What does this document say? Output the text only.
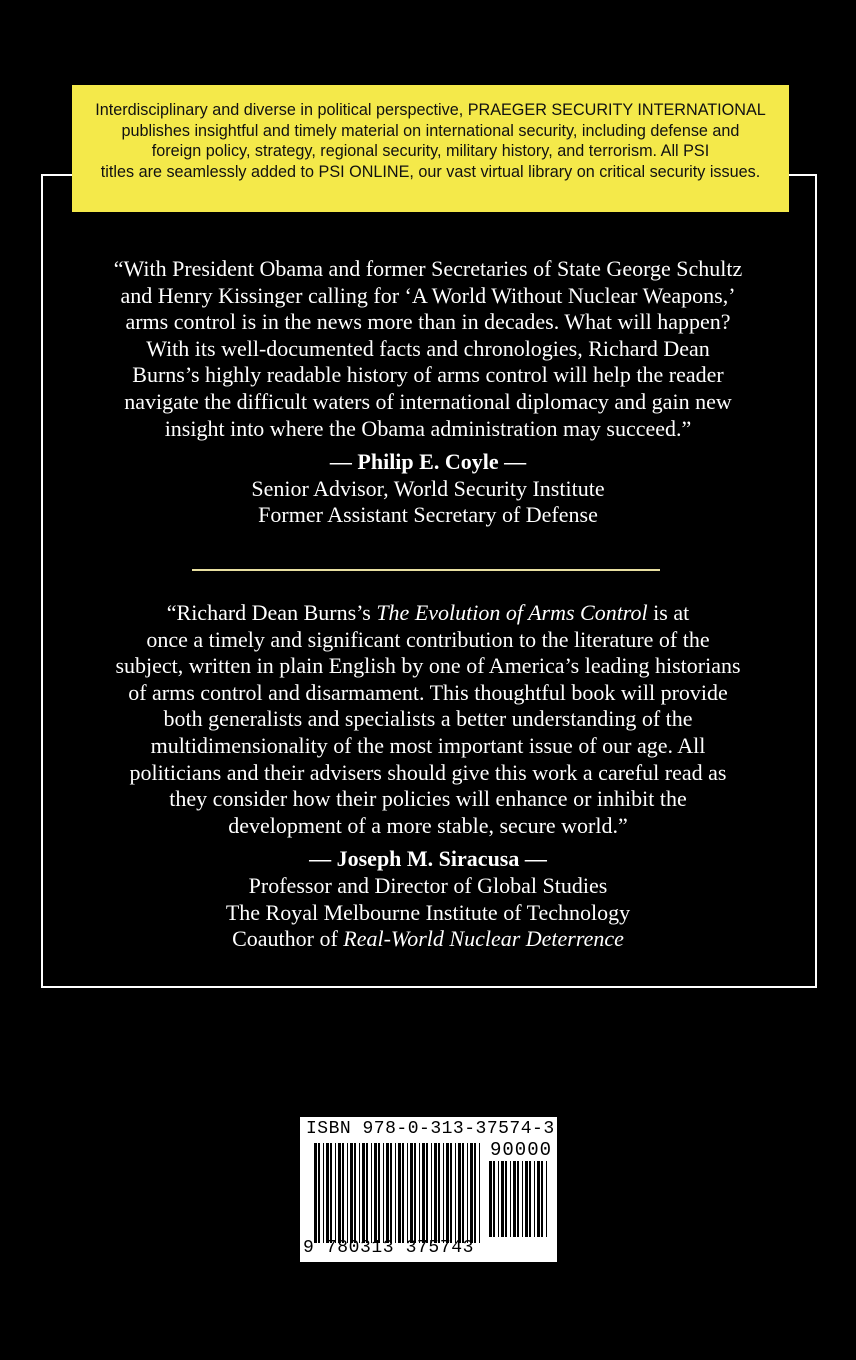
Interdisciplinary and diverse in political perspective, PRAEGER SECURITY INTERNATIONAL
publishes insightful and timely material on international security, including defense and
foreign policy, strategy, regional security, military history, and terrorism. All PSI
titles are seamlessly added to PSI ONLINE, our vast virtual library on critical security issues.
“With President Obama and former Secretaries of State George Schultz
and Henry Kissinger calling for ‘A World Without Nuclear Weapons,’
arms control is in the news more than in decades. What will happen?
With its well-documented facts and chronologies, Richard Dean
Burns’s highly readable history of arms control will help the reader
navigate the difficult waters of international diplomacy and gain new
insight into where the Obama administration may succeed.”
— Philip E. Coyle —
Senior Advisor, World Security Institute
Former Assistant Secretary of Defense
“Richard Dean Burns’s The Evolution of Arms Control is at
once a timely and significant contribution to the literature of the
subject, written in plain English by one of America’s leading historians
of arms control and disarmament. This thoughtful book will provide
both generalists and specialists a better understanding of the
multidimensionality of the most important issue of our age. All
politicians and their advisers should give this work a careful read as
they consider how their policies will enhance or inhibit the
development of a more stable, secure world.”
— Joseph M. Siracusa —
Professor and Director of Global Studies
The Royal Melbourne Institute of Technology
Coauthor of Real-World Nuclear Deterrence
ISBN 978-0-313-37574-3
90000
9 780313 375743
